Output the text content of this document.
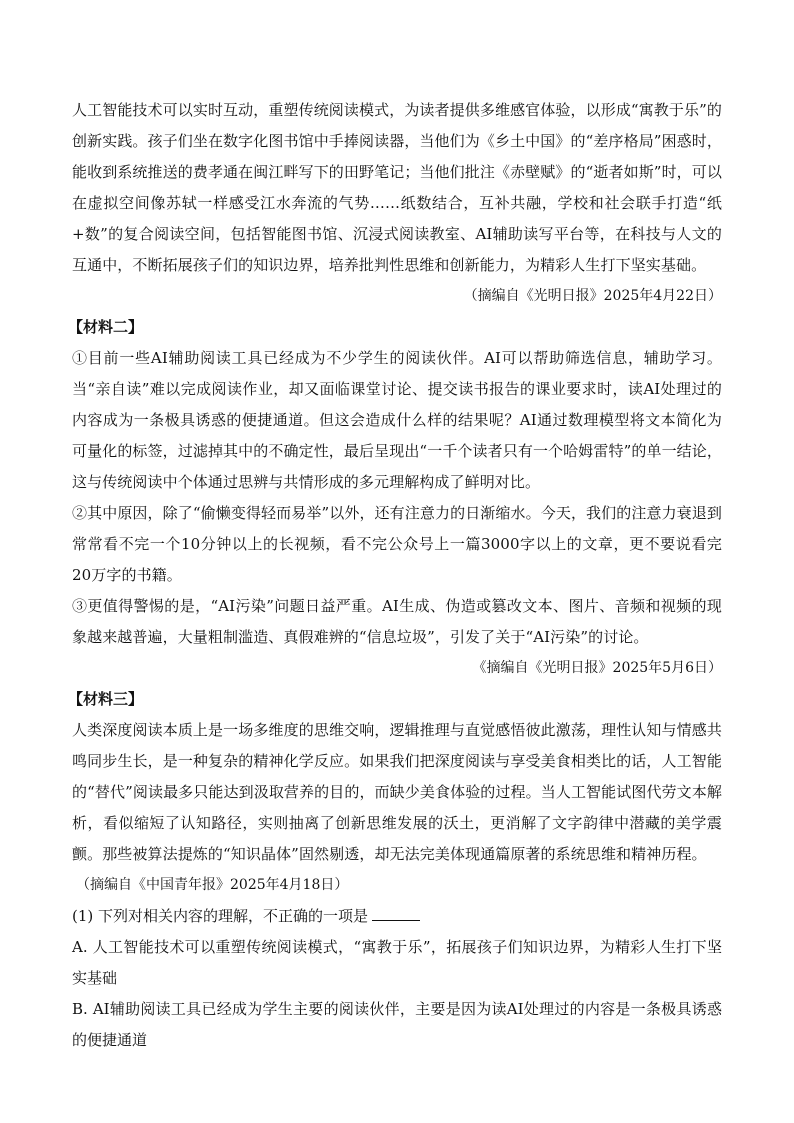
人工智能技术可以实时互动，重塑传统阅读模式，为读者提供多维感官体验，以形成“寓教于乐”的创新实践。孩子们坐在数字化图书馆中手捧阅读器，当他们为《乡土中国》的“差序格局”困惑时，能收到系统推送的费孝通在闽江畔写下的田野笔记；当他们批注《赤壁赋》的“逝者如斯”时，可以在虚拟空间像苏轼一样感受江水奔流的气势……纸数结合，互补共融，学校和社会联手打造“纸+数”的复合阅读空间，包括智能图书馆、沉浸式阅读教室、AI辅助读写平台等，在科技与人文的互通中，不断拓展孩子们的知识边界，培养批判性思维和创新能力，为精彩人生打下坚实基础。

（摘编自《光明日报》2025年4月22日）

【材料二】

①目前一些AI辅助阅读工具已经成为不少学生的阅读伙伴。AI可以帮助筛选信息，辅助学习。当“亲自读”难以完成阅读作业，却又面临课堂讨论、提交读书报告的课业要求时，读AI处理过的内容成为一条极具诱惑的便捷通道。但这会造成什么样的结果呢？AI通过数理模型将文本简化为可量化的标签，过滤掉其中的不确定性，最后呈现出“一千个读者只有一个哈姆雷特”的单一结论，这与传统阅读中个体通过思辨与共情形成的多元理解构成了鲜明对比。

②其中原因，除了“偷懒变得轻而易举”以外，还有注意力的日渐缩水。今天，我们的注意力衰退到常常看不完一个10分钟以上的长视频，看不完公众号上一篇3000字以上的文章，更不要说看完20万字的书籍。

③更值得警惕的是，“AI污染”问题日益严重。AI生成、伪造或篡改文本、图片、音频和视频的现象越来越普遍，大量粗制滥造、真假难辨的“信息垃圾”，引发了关于“AI污染”的讨论。

《摘编自《光明日报》2025年5月6日）

【材料三】

人类深度阅读本质上是一场多维度的思维交响，逻辑推理与直觉感悟彼此激荡，理性认知与情感共鸣同步生长，是一种复杂的精神化学反应。如果我们把深度阅读与享受美食相类比的话，人工智能的“替代”阅读最多只能达到汲取营养的目的，而缺少美食体验的过程。当人工智能试图代劳文本解析，看似缩短了认知路径，实则抽离了创新思维发展的沃土，更消解了文字韵律中潜藏的美学震颤。那些被算法提炼的“知识晶体”固然剔透，却无法完美体现通篇原著的系统思维和精神历程。

（摘编自《中国青年报》2025年4月18日）

(1) 下列对相关内容的理解，不正确的一项是

A. 人工智能技术可以重塑传统阅读模式，“寓教于乐”，拓展孩子们知识边界，为精彩人生打下坚实基础

B. AI辅助阅读工具已经成为学生主要的阅读伙伴，主要是因为读AI处理过的内容是一条极具诱惑的便捷通道
